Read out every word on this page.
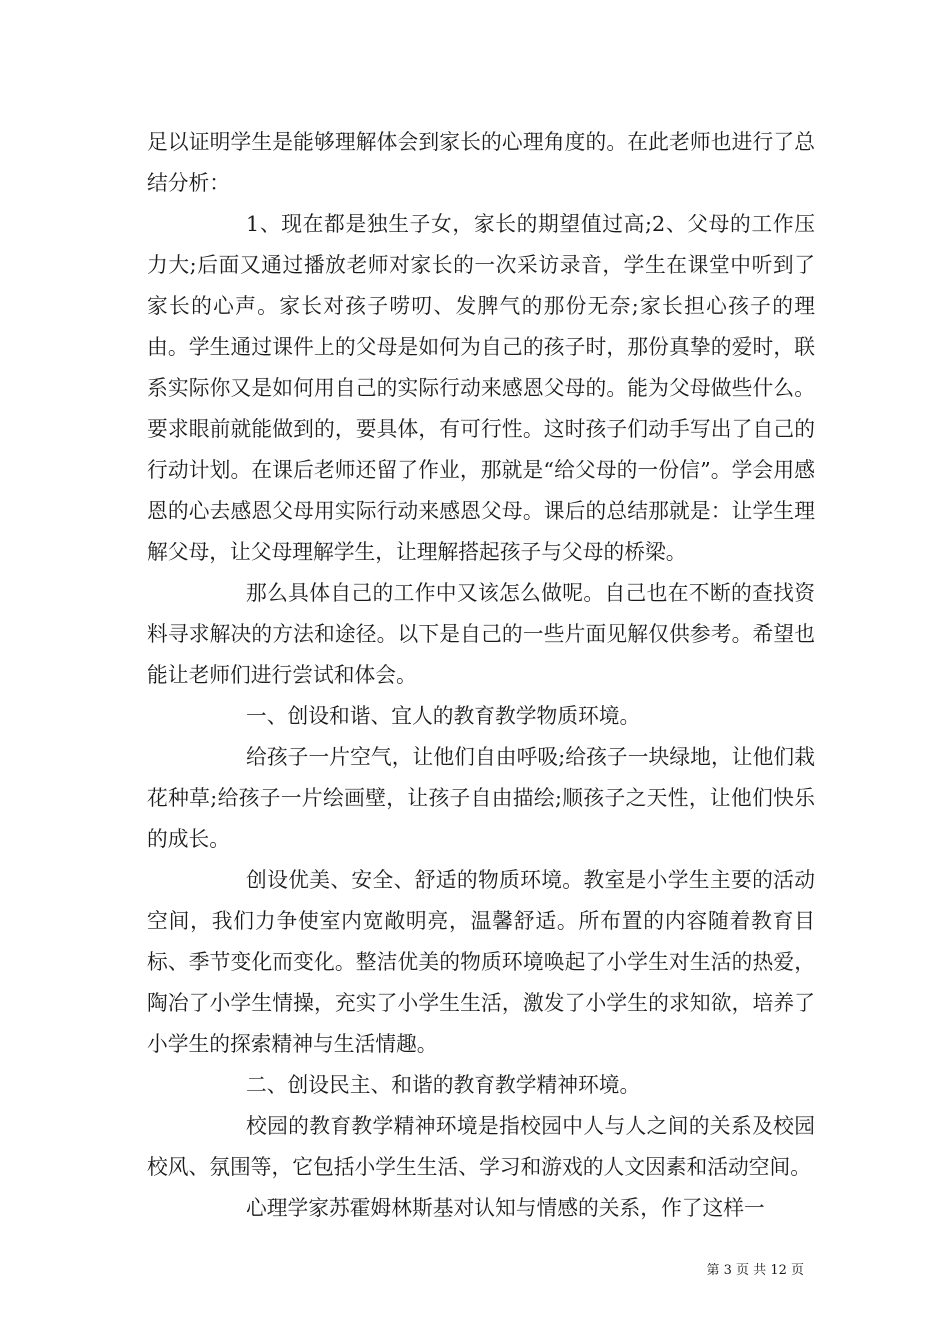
足以证明学生是能够理解体会到家长的心理角度的。在此老师也进行了总结分析：

1、现在都是独生子女，家长的期望值过高;2、父母的工作压力大;后面又通过播放老师对家长的一次采访录音，学生在课堂中听到了家长的心声。家长对孩子唠叨、发脾气的那份无奈;家长担心孩子的理由。学生通过课件上的父母是如何为自己的孩子时，那份真挚的爱时，联系实际你又是如何用自己的实际行动来感恩父母的。能为父母做些什么。要求眼前就能做到的，要具体，有可行性。这时孩子们动手写出了自己的行动计划。在课后老师还留了作业，那就是“给父母的一份信”。学会用感恩的心去感恩父母用实际行动来感恩父母。课后的总结那就是：让学生理解父母，让父母理解学生，让理解搭起孩子与父母的桥梁。

那么具体自己的工作中又该怎么做呢。自己也在不断的查找资料寻求解决的方法和途径。以下是自己的一些片面见解仅供参考。希望也能让老师们进行尝试和体会。

一、创设和谐、宜人的教育教学物质环境。

给孩子一片空气，让他们自由呼吸;给孩子一块绿地，让他们栽花种草;给孩子一片绘画壁，让孩子自由描绘;顺孩子之天性，让他们快乐的成长。

创设优美、安全、舒适的物质环境。教室是小学生主要的活动空间，我们力争使室内宽敞明亮，温馨舒适。所布置的内容随着教育目标、季节变化而变化。整洁优美的物质环境唤起了小学生对生活的热爱，陶冶了小学生情操，充实了小学生生活，激发了小学生的求知欲，培养了小学生的探索精神与生活情趣。

二、创设民主、和谐的教育教学精神环境。

校园的教育教学精神环境是指校园中人与人之间的关系及校园校风、氛围等，它包括小学生生活、学习和游戏的人文因素和活动空间。

心理学家苏霍姆林斯基对认知与情感的关系，作了这样一

第 3 页 共 12 页
